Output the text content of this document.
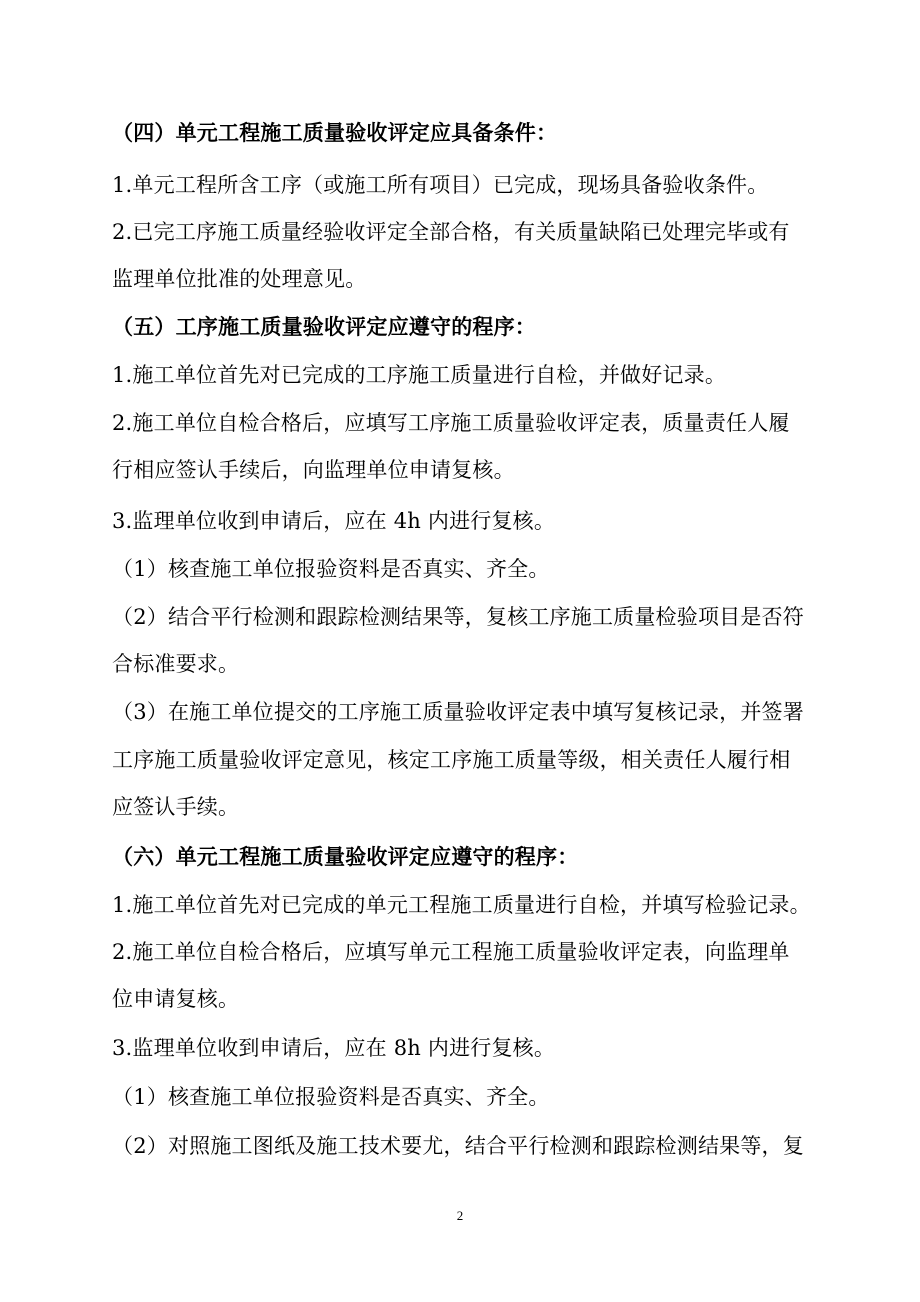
（四）单元工程施工质量验收评定应具备条件：
1.单元工程所含工序（或施工所有项目）已完成，现场具备验收条件。
2.已完工序施工质量经验收评定全部合格，有关质量缺陷已处理完毕或有
监理单位批准的处理意见。
（五）工序施工质量验收评定应遵守的程序：
1.施工单位首先对已完成的工序施工质量进行自检，并做好记录。
2.施工单位自检合格后，应填写工序施工质量验收评定表，质量责任人履
行相应签认手续后，向监理单位申请复核。
3.监理单位收到申请后，应在 4h 内进行复核。
（1）核查施工单位报验资料是否真实、齐全。
（2）结合平行检测和跟踪检测结果等，复核工序施工质量检验项目是否符
合标准要求。
（3）在施工单位提交的工序施工质量验收评定表中填写复核记录，并签署
工序施工质量验收评定意见，核定工序施工质量等级，相关责任人履行相
应签认手续。
（六）单元工程施工质量验收评定应遵守的程序：
1.施工单位首先对已完成的单元工程施工质量进行自检，并填写检验记录。
2.施工单位自检合格后，应填写单元工程施工质量验收评定表，向监理单
位申请复核。
3.监理单位收到申请后，应在 8h 内进行复核。
（1）核查施工单位报验资料是否真实、齐全。
（2）对照施工图纸及施工技术要尤，结合平行检测和跟踪检测结果等，复
2
